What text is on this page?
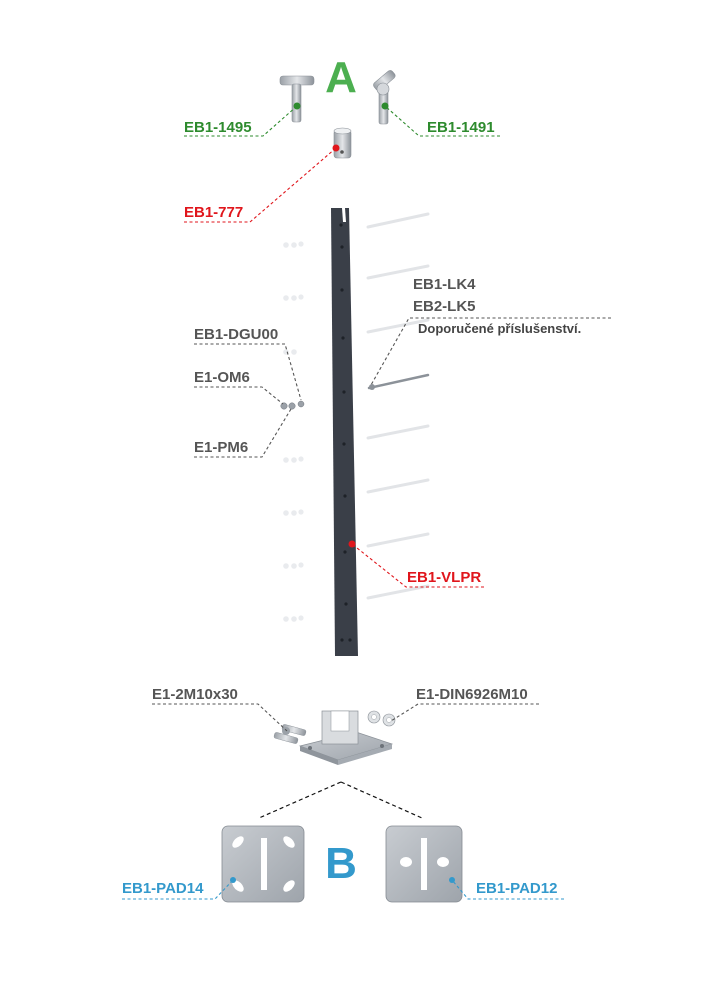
A
B
EB1-1495	EB1-1491
EB1-777
EB1-LK4
EB2-LK5
Doporučené příslušenství.
EB1-DGU00
E1-OM6
E1-PM6
EB1-VLPR
E1-2M10x30	E1-DIN6926M10
EB1-PAD14	EB1-PAD12
